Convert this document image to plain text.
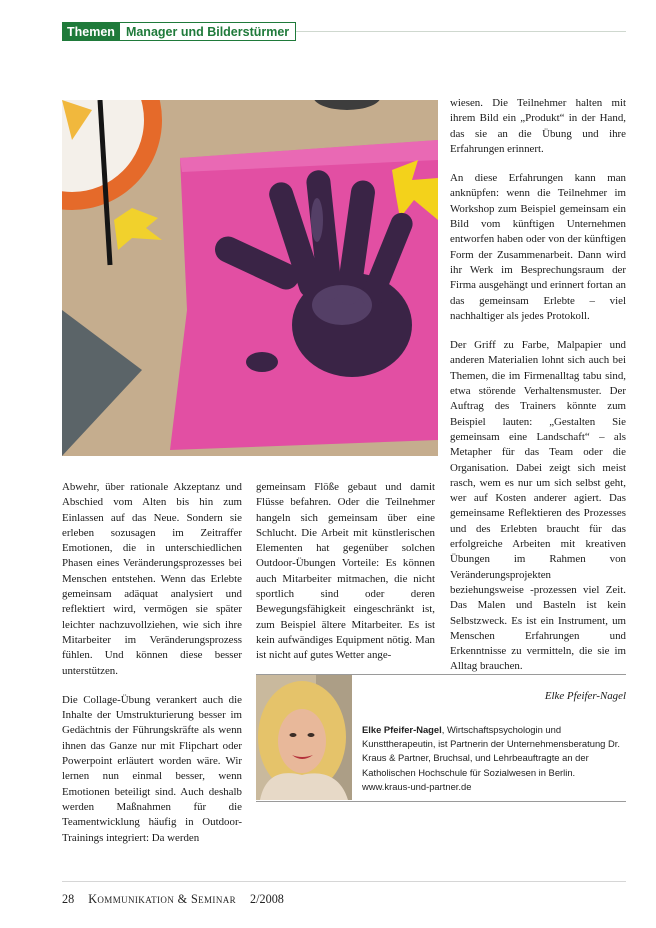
Themen Manager und Bilderstürmer

Abwehr, über rationale Akzeptanz und Abschied vom Alten bis hin zum Einlassen auf das Neue. Sondern sie erleben sozusagen im Zeitraffer Emotionen, die in unterschiedlichen Phasen eines Veränderungsprozesses bei Menschen entstehen. Wenn das Erlebte gemeinsam adäquat analysiert und reflektiert wird, vermögen sie später leichter nachzuvollziehen, wie sich ihre Mitarbeiter im Veränderungsprozess fühlen. Und können diese besser unterstützen.

Die Collage-Übung verankert auch die Inhalte der Umstrukturierung besser im Gedächtnis der Führungskräfte als wenn ihnen das Ganze nur mit Flipchart oder Powerpoint erläutert worden wäre. Wir lernen nun einmal besser, wenn Emotionen beteiligt sind. Auch deshalb werden Maßnahmen für die Teamentwicklung häufig in Outdoor-Trainings integriert: Da werden

gemeinsam Flöße gebaut und damit Flüsse befahren. Oder die Teilnehmer hangeln sich gemeinsam über eine Schlucht. Die Arbeit mit künstlerischen Elementen hat gegenüber solchen Outdoor-Übungen Vorteile: Es können auch Mitarbeiter mitmachen, die nicht sportlich sind oder deren Bewegungsfähigkeit eingeschränkt ist, zum Beispiel ältere Mitarbeiter. Es ist kein aufwändiges Equipment nötig. Man ist nicht auf gutes Wetter ange-

wiesen. Die Teilnehmer halten mit ihrem Bild ein „Produkt“ in der Hand, das sie an die Übung und ihre Erfahrungen erinnert.

An diese Erfahrungen kann man anknüpfen: wenn die Teilnehmer im Workshop zum Beispiel gemeinsam ein Bild vom künftigen Unternehmen entworfen haben oder von der künftigen Form der Zusammenarbeit. Dann wird ihr Werk im Besprechungsraum der Firma ausgehängt und erinnert fortan an das gemeinsam Erlebte – viel nachhaltiger als jedes Protokoll.

Der Griff zu Farbe, Malpapier und anderen Materialien lohnt sich auch bei Themen, die im Firmenalltag tabu sind, etwa störende Verhaltensmuster. Der Auftrag des Trainers könnte zum Beispiel lauten: „Gestalten Sie gemeinsam eine Landschaft“ – als Metapher für das Team oder die Organisation. Dabei zeigt sich meist rasch, wem es nur um sich selbst geht, wer auf Kosten anderer agiert. Das gemeinsame Reflektieren des Prozesses und des Erlebten braucht für das erfolgreiche Arbeiten mit kreativen Übungen im Rahmen von Veränderungsprojekten beziehungsweise -prozessen viel Zeit. Das Malen und Basteln ist kein Selbstzweck. Es ist ein Instrument, um Menschen Erfahrungen und Erkenntnisse zu vermitteln, die sie im Alltag brauchen.

Elke Pfeifer-Nagel
Elke Pfeifer-Nagel, Wirtschaftspsychologin und Kunsttherapeutin, ist Partnerin der Unternehmensberatung Dr. Kraus & Partner, Bruchsal, und Lehrbeauftragte an der Katholischen Hochschule für Sozialwesen in Berlin.
www.kraus-und-partner.de
28 Kommunikation & Seminar 2/2008
